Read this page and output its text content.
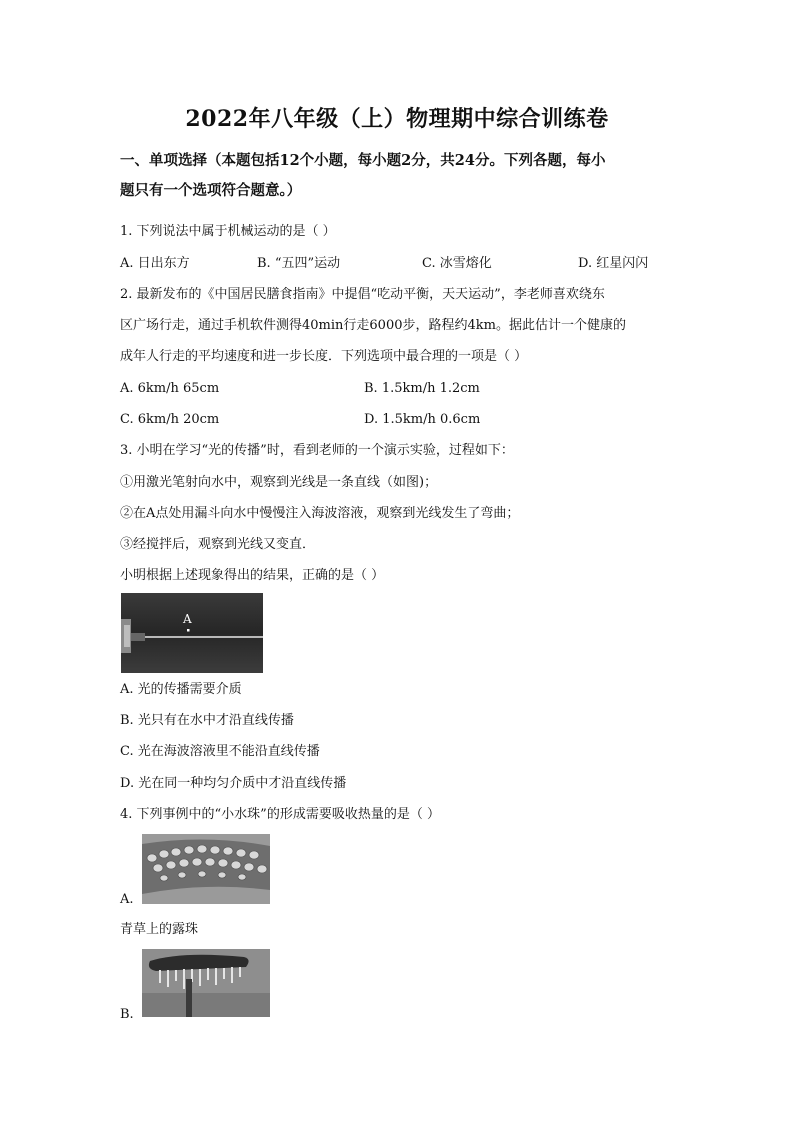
2022年八年级（上）物理期中综合训练卷
一、单项选择（本题包括12个小题，每小题2分，共24分。下列各题，每小
题只有一个选项符合题意。）
1. 下列说法中属于机械运动的是（ ）
A. 日出东方	B. “五四”运动	C. 冰雪熔化	D. 红星闪闪
2. 最新发布的《中国居民膳食指南》中提倡“吃动平衡，天天运动”，李老师喜欢绕东
区广场行走，通过手机软件测得40min行走6000步，路程约4km。据此估计一个健康的
成年人行走的平均速度和进一步长度．下列选项中最合理的一项是（ ）
A. 6km/h 65cm	B. 1.5km/h 1.2cm
C. 6km/h 20cm	D. 1.5km/h 0.6cm
3. 小明在学习“光的传播”时，看到老师的一个演示实验，过程如下：
①用激光笔射向水中，观察到光线是一条直线（如图)；
②在A点处用漏斗向水中慢慢注入海波溶液，观察到光线发生了弯曲；
③经搅拌后，观察到光线又变直．
小明根据上述现象得出的结果，正确的是（ ）
A
A. 光的传播需要介质
B. 光只有在水中才沿直线传播
C. 光在海波溶液里不能沿直线传播
D. 光在同一种均匀介质中才沿直线传播
4. 下列事例中的“小水珠”的形成需要吸收热量的是（ ）
A.
青草上的露珠
B.
